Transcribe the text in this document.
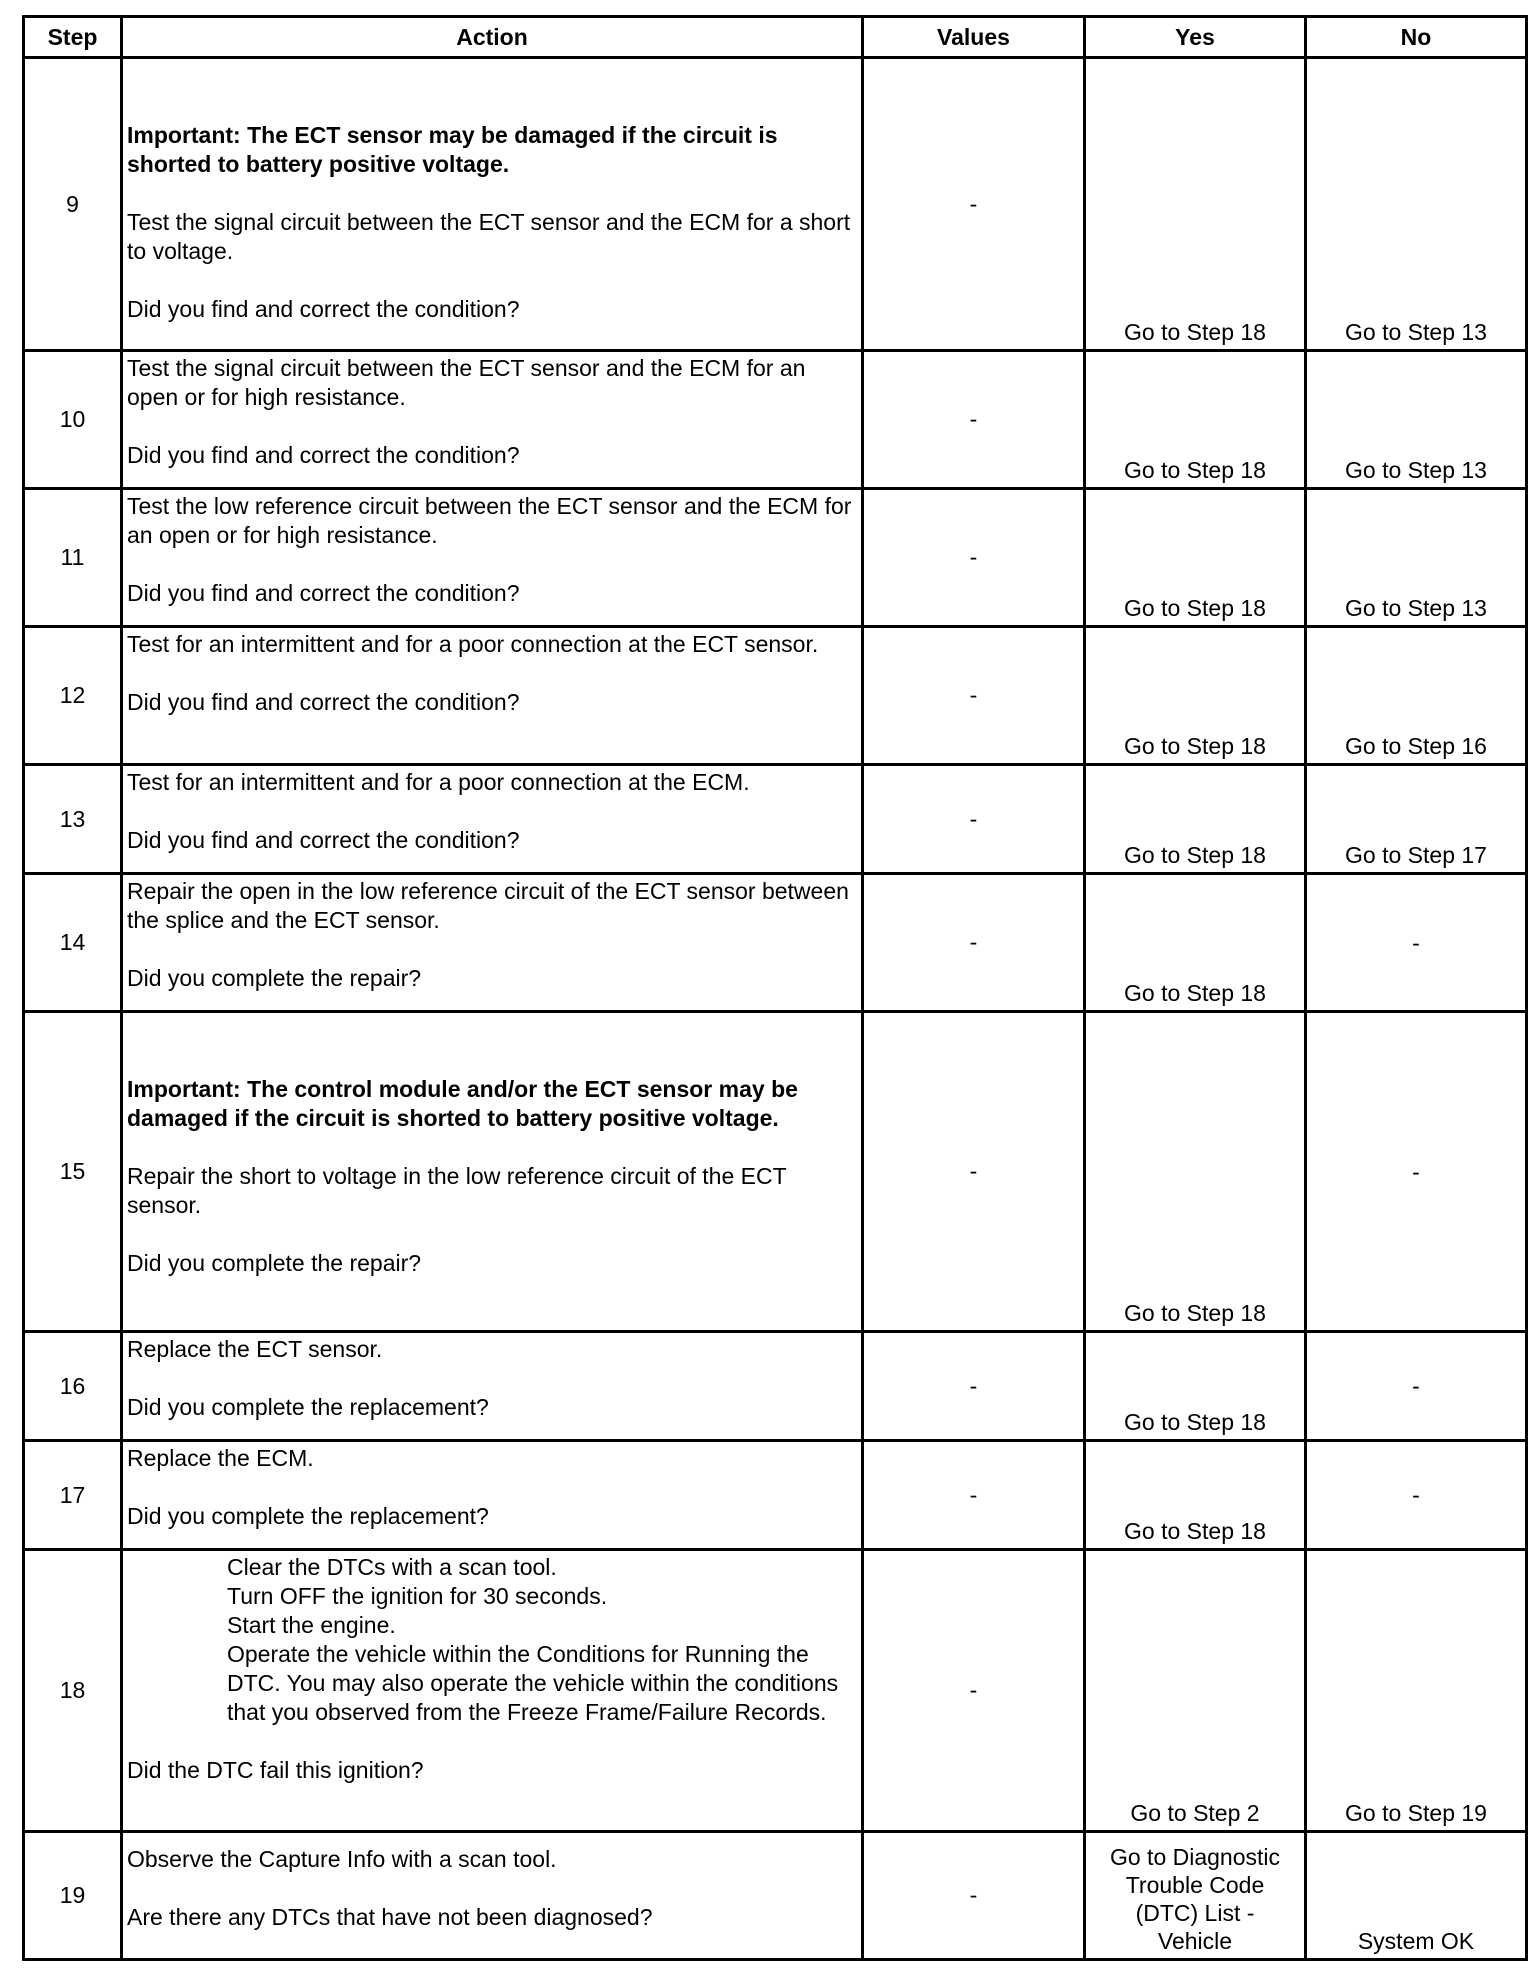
Step	Action	Values	Yes	No
9	Important: The ECT sensor may be damaged if the circuit is shorted to battery positive voltage.
Test the signal circuit between the ECT sensor and the ECM for a short to voltage.
Did you find and correct the condition?	-	Go to Step 18	Go to Step 13
10	Test the signal circuit between the ECT sensor and the ECM for an open or for high resistance.
Did you find and correct the condition?	-	Go to Step 18	Go to Step 13
11	Test the low reference circuit between the ECT sensor and the ECM for an open or for high resistance.
Did you find and correct the condition?	-	Go to Step 18	Go to Step 13
12	Test for an intermittent and for a poor connection at the ECT sensor.
Did you find and correct the condition?	-	Go to Step 18	Go to Step 16
13	Test for an intermittent and for a poor connection at the ECM.
Did you find and correct the condition?	-	Go to Step 18	Go to Step 17
14	Repair the open in the low reference circuit of the ECT sensor between the splice and the ECT sensor.
Did you complete the repair?	-	Go to Step 18	-
15	Important: The control module and/or the ECT sensor may be damaged if the circuit is shorted to battery positive voltage.
Repair the short to voltage in the low reference circuit of the ECT sensor.
Did you complete the repair?	-	Go to Step 18	-
16	Replace the ECT sensor.
Did you complete the replacement?	-	Go to Step 18	-
17	Replace the ECM.
Did you complete the replacement?	-	Go to Step 18	-
18	Clear the DTCs with a scan tool.
Turn OFF the ignition for 30 seconds.
Start the engine.
Operate the vehicle within the Conditions for Running the DTC. You may also operate the vehicle within the conditions that you observed from the Freeze Frame/Failure Records.
Did the DTC fail this ignition?	-	Go to Step 2	Go to Step 19
19	Observe the Capture Info with a scan tool.
Are there any DTCs that have not been diagnosed?	-	Go to Diagnostic Trouble Code (DTC) List - Vehicle	System OK
